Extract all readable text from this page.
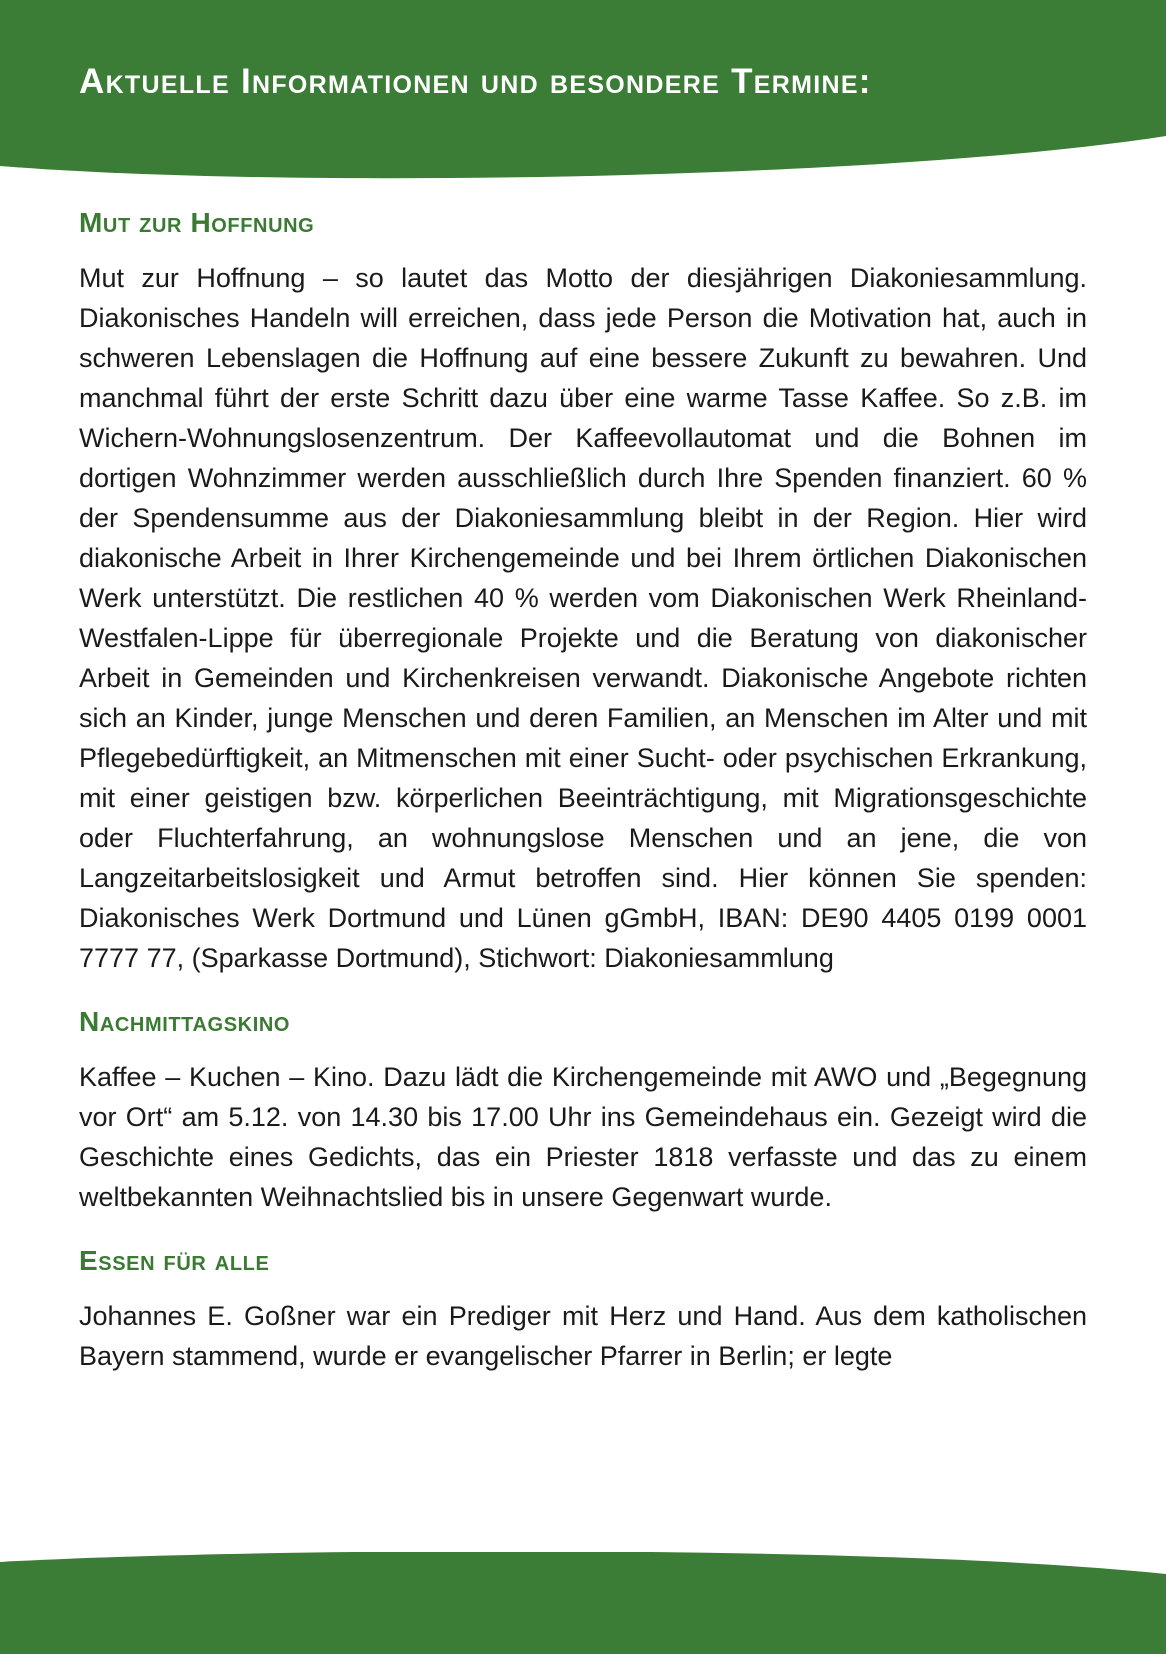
Aktuelle Informationen und besondere Termine:
Mut zur Hoffnung

Mut zur Hoffnung – so lautet das Motto der diesjährigen Diakoniesammlung. Diakonisches Handeln will erreichen, dass jede Person die Motivation hat, auch in schweren Lebenslagen die Hoffnung auf eine bessere Zukunft zu bewahren. Und manchmal führt der erste Schritt dazu über eine warme Tasse Kaffee. So z.B. im Wichern-Wohnungslosenzentrum. Der Kaffeevollautomat und die Bohnen im dortigen Wohnzimmer werden ausschließlich durch Ihre Spenden finanziert. 60 % der Spendensumme aus der Diakoniesammlung bleibt in der Region. Hier wird diakonische Arbeit in Ihrer Kirchengemeinde und bei Ihrem örtlichen Diakonischen Werk unterstützt. Die restlichen 40 % werden vom Diakonischen Werk Rheinland-Westfalen-Lippe für überregionale Projekte und die Beratung von diakonischer Arbeit in Gemeinden und Kirchenkreisen verwandt. Diakonische Angebote richten sich an Kinder, junge Menschen und deren Familien, an Menschen im Alter und mit Pflegebedürftigkeit, an Mitmenschen mit einer Sucht- oder psychischen Erkrankung, mit einer geistigen bzw. körperlichen Beeinträchtigung, mit Migrationsgeschichte oder Fluchterfahrung, an wohnungslose Menschen und an jene, die von Langzeitarbeitslosigkeit und Armut betroffen sind. Hier können Sie spenden: Diakonisches Werk Dortmund und Lünen gGmbH, IBAN: DE90 4405 0199 0001 7777 77, (Sparkasse Dortmund), Stichwort: Diakoniesammlung

Nachmittagskino

Kaffee – Kuchen – Kino. Dazu lädt die Kirchengemeinde mit AWO und „Begegnung vor Ort“ am 5.12. von 14.30 bis 17.00 Uhr ins Gemeindehaus ein. Gezeigt wird die Geschichte eines Gedichts, das ein Priester 1818 verfasste und das zu einem weltbekannten Weihnachtslied bis in unsere Gegenwart wurde.

Essen für alle

Johannes E. Goßner war ein Prediger mit Herz und Hand. Aus dem katholischen Bayern stammend, wurde er evangelischer Pfarrer in Berlin; er legte
